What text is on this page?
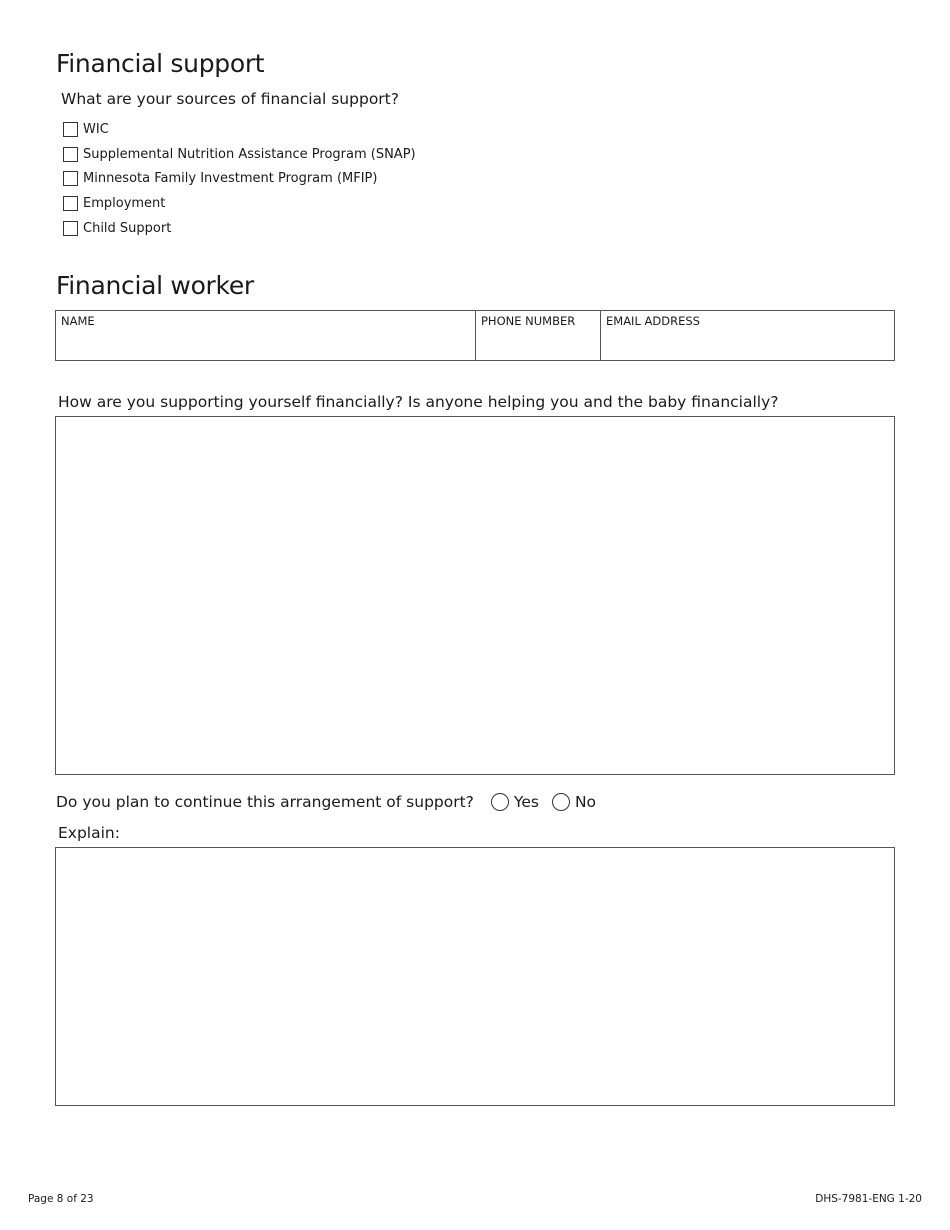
Financial support
What are your sources of financial support?
WIC
Supplemental Nutrition Assistance Program (SNAP)
Minnesota Family Investment Program (MFIP)
Employment
Child Support
Financial worker
NAME	PHONE NUMBER	EMAIL ADDRESS
How are you supporting yourself financially? Is anyone helping you and the baby financially?
Do you plan to continue this arrangement of support?	Yes No
Explain:
Page 8 of 23	DHS-7981-ENG 1-20
